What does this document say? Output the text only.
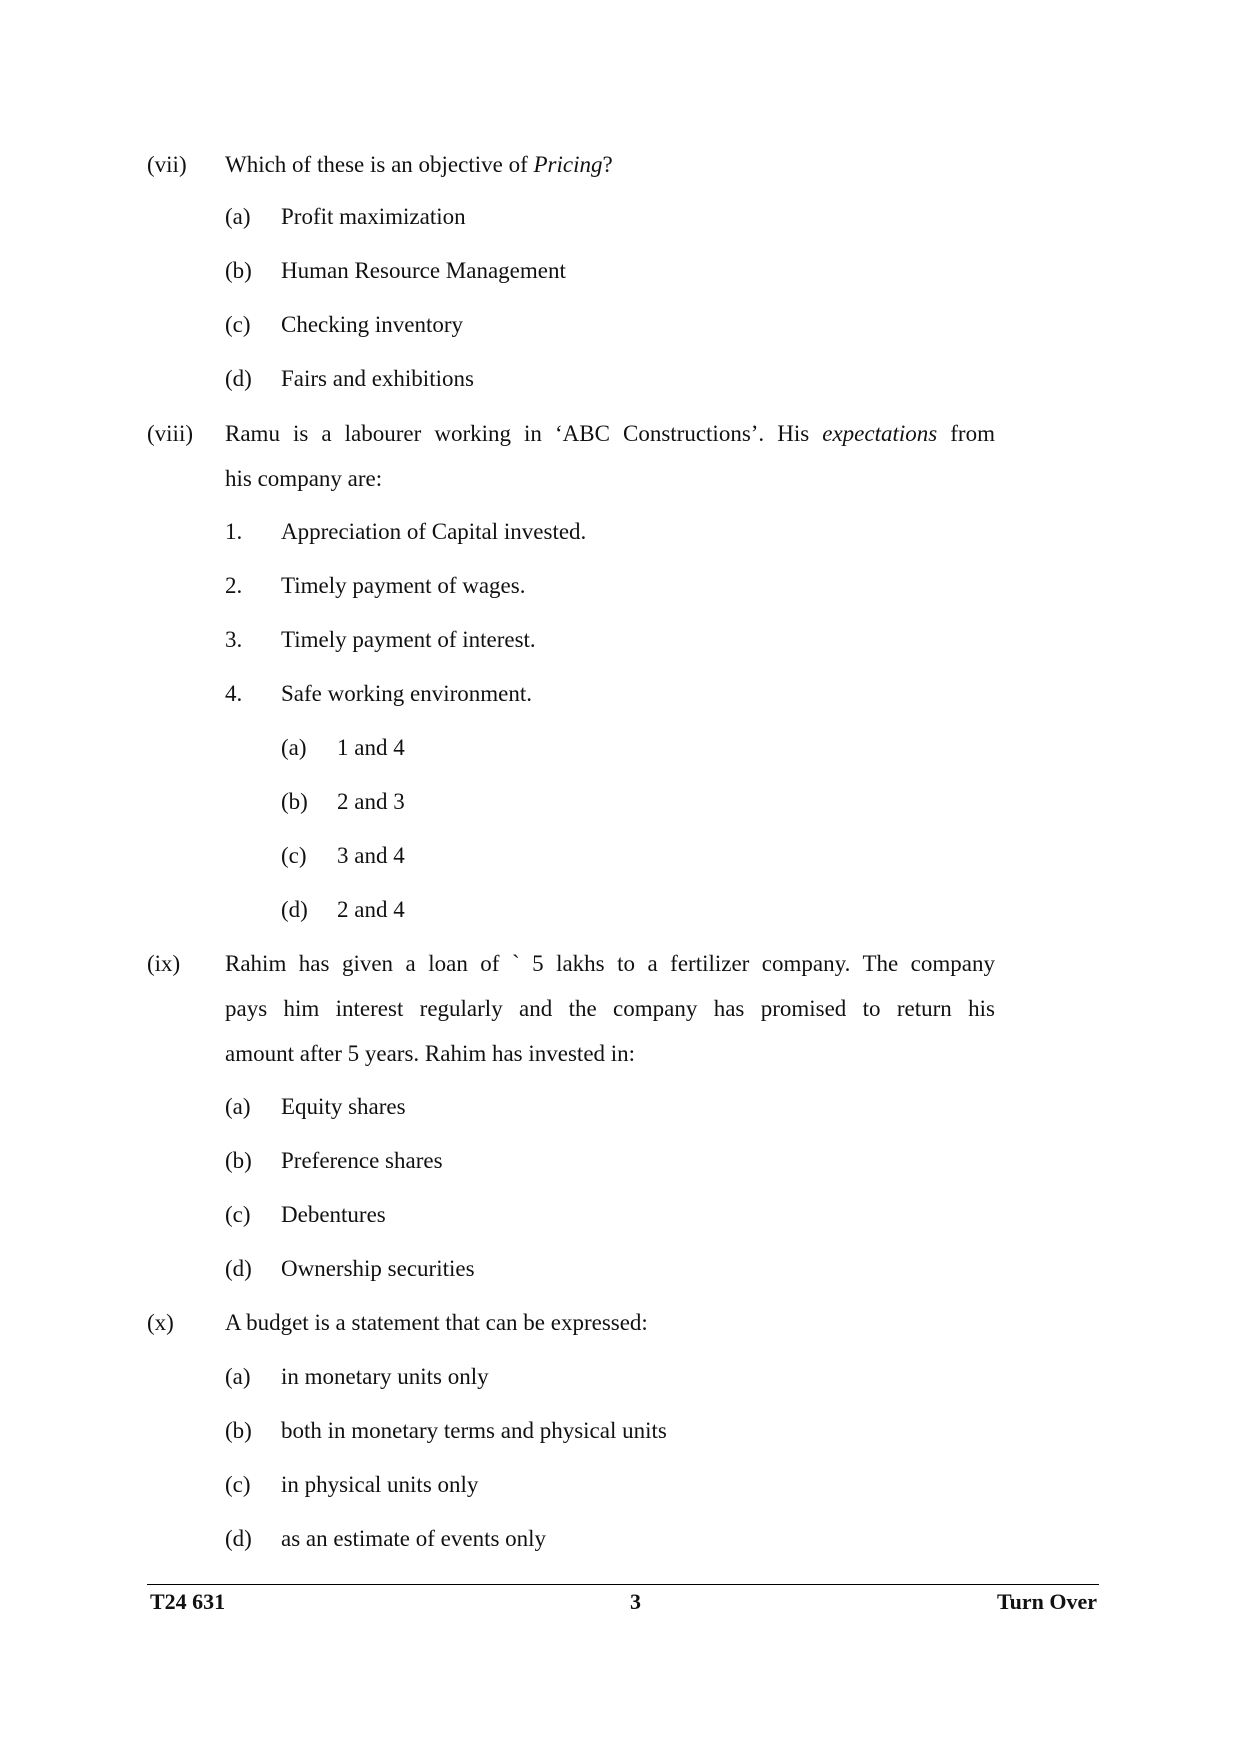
(vii) Which of these is an objective of Pricing?
(a) Profit maximization
(b) Human Resource Management
(c) Checking inventory
(d) Fairs and exhibitions
(viii) Ramu is a labourer working in ‘ABC Constructions’. His expectations from
his company are:
1. Appreciation of Capital invested.
2. Timely payment of wages.
3. Timely payment of interest.
4. Safe working environment.
(a) 1 and 4
(b) 2 and 3
(c) 3 and 4
(d) 2 and 4
(ix) Rahim has given a loan of ` 5 lakhs to a fertilizer company. The company
pays him interest regularly and the company has promised to return his
amount after 5 years. Rahim has invested in:
(a) Equity shares
(b) Preference shares
(c) Debentures
(d) Ownership securities
(x) A budget is a statement that can be expressed:
(a) in monetary units only
(b) both in monetary terms and physical units
(c) in physical units only
(d) as an estimate of events only
T24 631	3	Turn Over
